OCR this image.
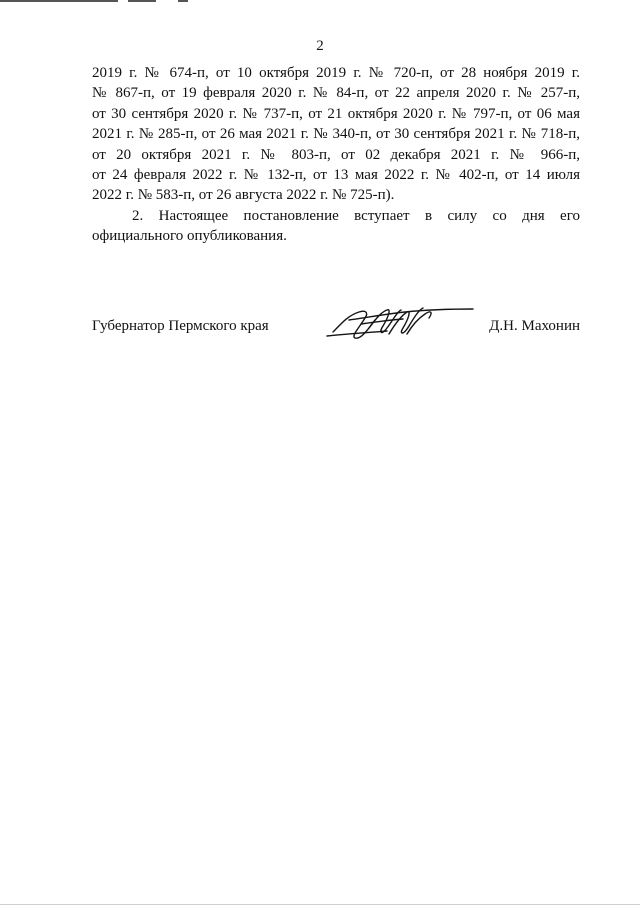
2
2019 г. № 674-п, от 10 октября 2019 г. № 720-п, от 28 ноября 2019 г.
№ 867-п, от 19 февраля 2020 г. № 84-п, от 22 апреля 2020 г. № 257-п,
от 30 сентября 2020 г. № 737-п, от 21 октября 2020 г. № 797-п, от 06 мая
2021 г. № 285-п, от 26 мая 2021 г. № 340-п, от 30 сентября 2021 г. № 718-п,
от 20 октября 2021 г. № 803-п, от 02 декабря 2021 г. № 966-п,
от 24 февраля 2022 г. № 132-п, от 13 мая 2022 г. № 402-п, от 14 июля
2022 г. № 583-п, от 26 августа 2022 г. № 725-п).
2. Настоящее постановление вступает в силу со дня его
официального опубликования.
Губернатор Пермского края	Д.Н. Махонин
